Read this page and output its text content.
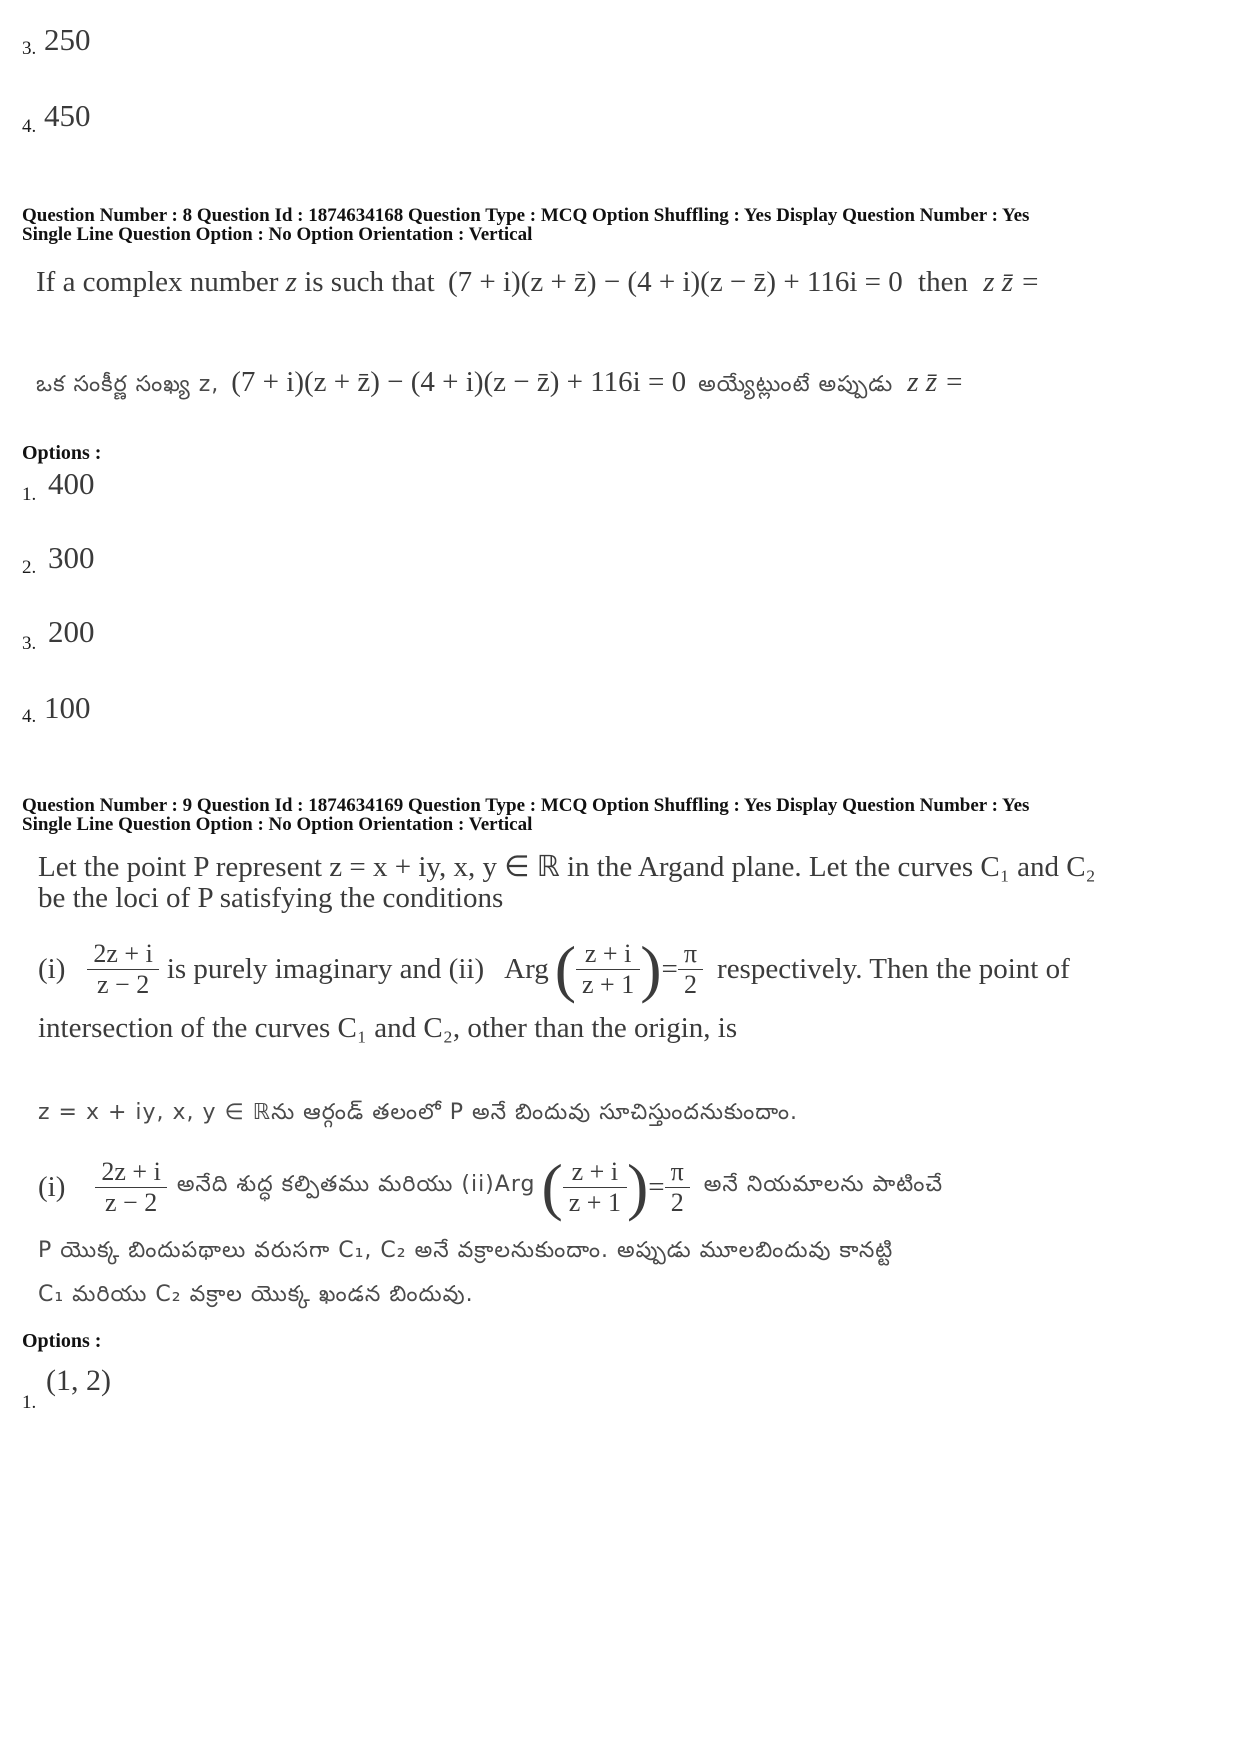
3. 250
4. 450
Question Number : 8 Question Id : 1874634168 Question Type : MCQ Option Shuffling : Yes Display Question Number : Yes
Single Line Question Option : No Option Orientation : Vertical
If a complex number z is such that (7 + i)(z + z̄) − (4 + i)(z − z̄) + 116i = 0 then z z̄ =
ఒక సంకీర్ణ సంఖ్య z, (7 + i)(z + z̄) − (4 + i)(z − z̄) + 116i = 0 అయ్యేట్లుంటే అప్పుడు z z̄ =
Options :
1. 400
2. 300
3. 200
4. 100
Question Number : 9 Question Id : 1874634169 Question Type : MCQ Option Shuffling : Yes Display Question Number : Yes
Single Line Question Option : No Option Orientation : Vertical
Let the point P represent z = x + iy, x, y ∈ ℝ in the Argand plane. Let the curves C₁ and C₂
be the loci of P satisfying the conditions
$(i) \frac{2z + i}{z - 2}$ is purely imaginary and (ii) Arg ( $\frac{z + i}{z + 1}$ ) = $\frac{\pi}{2}$ respectively. Then the point of
intersection of the curves C₁ and C₂, other than the origin, is
z = x + iy, x, y ∈ ℝను ఆర్గండ్ తలంలో P అనే బిందువు సూచిస్తుందనుకుందాం.
$(i) \frac{2z + i}{z - 2}$ అనేది శుద్ధ కల్పితము మరియు (ii)Arg ( $\frac{z + i}{z + 1}$ ) = $\frac{\pi}{2}$ అనే నియమాలను పాటించే
P యొక్క బిందుపథాలు వరుసగా C₁, C₂ అనే వక్రాలనుకుందాం. అప్పుడు మూలబిందువు కానట్టి
C₁ మరియు C₂ వక్రాల యొక్క ఖండన బిందువు.
Options :
1.
(1, 2)
